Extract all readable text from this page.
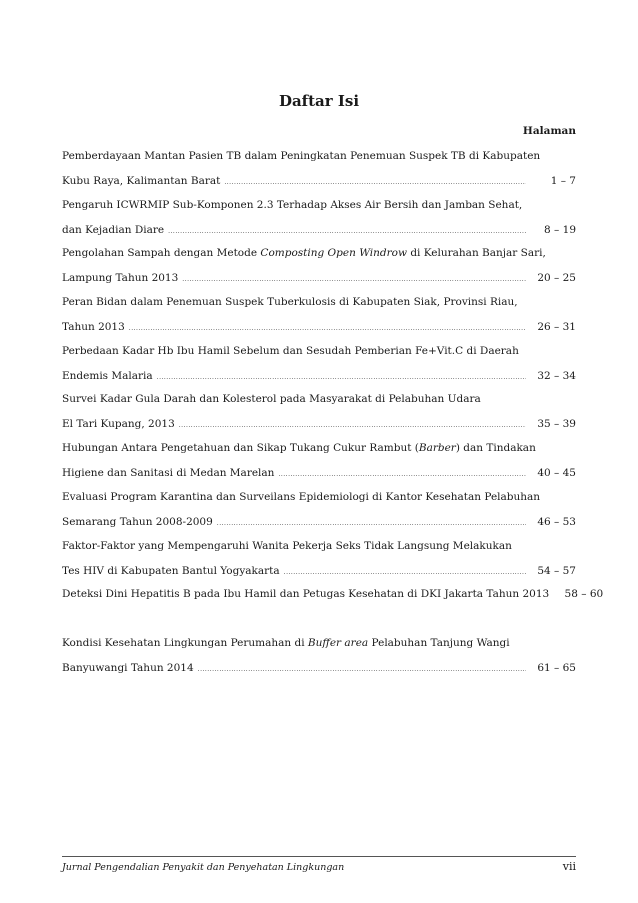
Daftar Isi
Halaman
Pemberdayaan Mantan Pasien TB dalam Peningkatan Penemuan Suspek TB di Kabupaten
Kubu Raya, Kalimantan Barat .....	1 – 7
Pengaruh ICWRMIP Sub-Komponen 2.3 Terhadap Akses Air Bersih dan Jamban Sehat,
dan Kejadian Diare .....	8 – 19
Pengolahan Sampah dengan Metode Composting Open Windrow di Kelurahan Banjar Sari,
Lampung Tahun 2013 .....	20 – 25
Peran Bidan dalam Penemuan Suspek Tuberkulosis di Kabupaten Siak, Provinsi Riau,
Tahun 2013 .....	26 – 31
Perbedaan Kadar Hb Ibu Hamil Sebelum dan Sesudah Pemberian Fe+Vit.C di Daerah
Endemis Malaria .....	32 – 34
Survei Kadar Gula Darah dan Kolesterol pada Masyarakat di Pelabuhan Udara
El Tari Kupang, 2013 .....	35 – 39
Hubungan Antara Pengetahuan dan Sikap Tukang Cukur Rambut (Barber) dan Tindakan
Higiene dan Sanitasi di Medan Marelan .....	40 – 45
Evaluasi Program Karantina dan Surveilans Epidemiologi di Kantor Kesehatan Pelabuhan
Semarang Tahun 2008-2009 .....	46 – 53
Faktor-Faktor yang Mempengaruhi Wanita Pekerja Seks Tidak Langsung Melakukan
Tes HIV di Kabupaten Bantul Yogyakarta .....	54 – 57
Deteksi Dini Hepatitis B pada Ibu Hamil dan Petugas Kesehatan di DKI Jakarta Tahun 2013	58 – 60
Kondisi Kesehatan Lingkungan Perumahan di Buffer area Pelabuhan Tanjung Wangi
Banyuwangi Tahun 2014 .....	61 – 65
Jurnal Pengendalian Penyakit dan Penyehatan Lingkungan	vii
